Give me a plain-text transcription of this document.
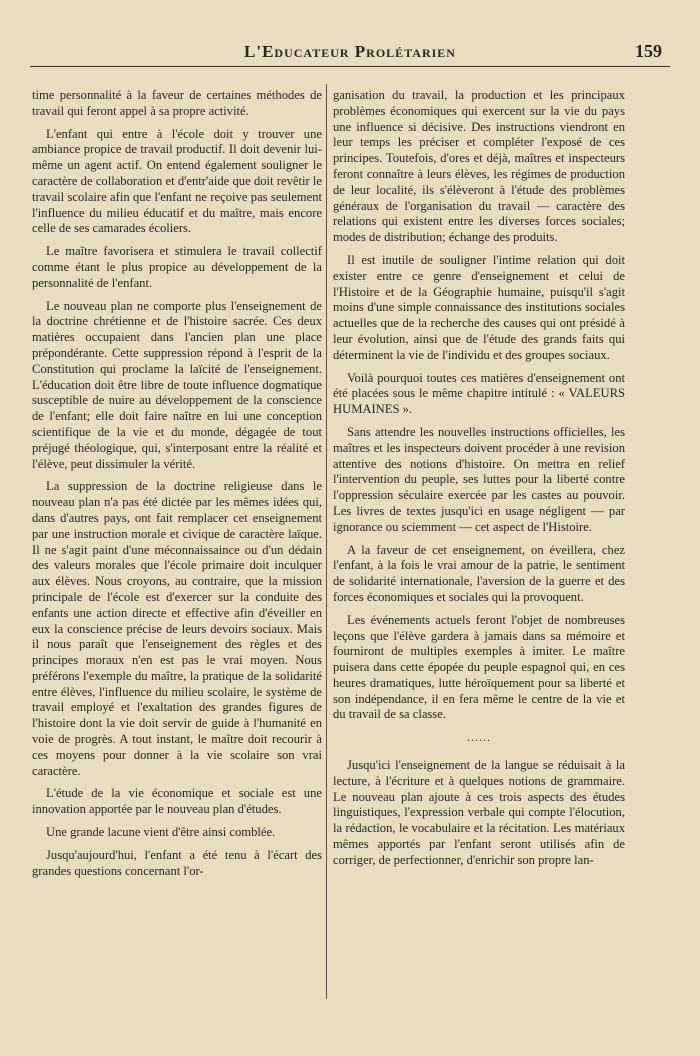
L'Educateur Prolétarien	159

time personnalité à la faveur de certaines méthodes de travail qui feront appel à sa propre activité.

L'enfant qui entre à l'école doit y trouver une ambiance propice de travail productif. Il doit devenir lui-même un agent actif. On entend également souligner le caractère de collaboration et d'entr'aide que doit revêtir le travail scolaire afin que l'enfant ne reçoive pas seulement l'influence du milieu éducatif et du maître, mais encore celle de ses camarades écoliers.

Le maître favorisera et stimulera le travail collectif comme étant le plus propice au développement de la personnalité de l'enfant.

Le nouveau plan ne comporte plus l'enseignement de la doctrine chrétienne et de l'histoire sacrée. Ces deux matières occupaient dans l'ancien plan une place prépondérante. Cette suppression répond à l'esprit de la Constitution qui proclame la laïcité de l'enseignement. L'éducation doit être libre de toute influence dogmatique susceptible de nuire au développement de la conscience de l'enfant; elle doit faire naître en lui une conception scientifique de la vie et du monde, dégagée de tout préjugé théologique, qui, s'interposant entre la réalité et l'élève, peut dissimuler la vérité.

La suppression de la doctrine religieuse dans le nouveau plan n'a pas été dictée par les mêmes idées qui, dans d'autres pays, ont fait remplacer cet enseignement par une instruction morale et civique de caractère laïque. Il ne s'agit paint d'une méconnaissaince ou d'un dédain des valeurs morales que l'école primaire doit inculquer aux élèves. Nous croyons, au contraire, que la mission principale de l'école est d'exercer sur la conduite des enfants une action directe et effective afin d'éveiller en eux la conscience précise de leurs devoirs sociaux. Mais il nous paraît que l'enseignement des règles et des principes moraux n'en est pas le vrai moyen. Nous préférons l'exemple du maître, la pratique de la solidarité entre élèves, l'influence du milieu scolaire, le système de travail employé et l'exaltation des grandes figures de l'histoire dont la vie doit servir de guide à l'humanité en voie de progrès. A tout instant, le maître doit recourir à ces moyens pour donner à la vie scolaire son vrai caractère.

L'étude de la vie économique et sociale est une innovation apportée par le nouveau plan d'études.

Une grande lacune vient d'être ainsi comblée.

Jusqu'aujourd'hui, l'enfant a été tenu à l'écart des grandes questions concernant l'or-

ganisation du travail, la production et les principaux problèmes économiques qui exercent sur la vie du pays une influence si décisive. Des instructions viendront en leur temps les préciser et compléter l'exposé de ces principes. Toutefois, d'ores et déjà, maîtres et inspecteurs feront connaître à leurs élèves, les régimes de production de leur localité, ils s'élèveront à l'étude des problèmes généraux de l'organisation du travail — caractère des relations qui existent entre les diverses forces sociales; modes de distribution; échange des produits.

Il est inutile de souligner l'intime relation qui doit exister entre ce genre d'enseignement et celui de l'Histoire et de la Géographie humaine, puisqu'il s'agit moins d'une simple connaissance des institutions sociales actuelles que de la recherche des causes qui ont présidé à leur évolution, ainsi que de l'étude des grands faits qui déterminent la vie de l'individu et des groupes sociaux.

Voilà pourquoi toutes ces matières d'enseignement ont été placées sous le même chapitre intitulé : « VALEURS HUMAINES ».

Sans attendre les nouvelles instructions officielles, les maîtres et les inspecteurs doivent procéder à une revision attentive des notions d'histoire. On mettra en relief l'intervention du peuple, ses luttes pour la liberté contre l'oppression séculaire exercée par les castes au pouvoir. Les livres de textes jusqu'ici en usage négligent — par ignorance ou sciemment — cet aspect de l'Histoire.

A la faveur de cet enseignement, on éveillera, chez l'enfant, à la fois le vrai amour de la patrie, le sentiment de solidarité internationale, l'aversion de la guerre et des forces économiques et sociales qui la provoquent.

Les événements actuels feront l'objet de nombreuses leçons que l'élève gardera à jamais dans sa mémoire et fourniront de multiples exemples à imiter. Le maître puisera dans cette épopée du peuple espagnol qui, en ces heures dramatiques, lutte héroïquement pour sa liberté et son indépendance, il en fera même le centre de la vie et du travail de sa classe.

......

Jusqu'ici l'enseignement de la langue se réduisait à la lecture, à l'écriture et à quelques notions de grammaire. Le nouveau plan ajoute à ces trois aspects des études linguistiques, l'expression verbale qui compte l'élocution, la rédaction, le vocabulaire et la récitation. Les matériaux mêmes apportés par l'enfant seront utilisés afin de corriger, de perfectionner, d'enrichir son propre lan-
